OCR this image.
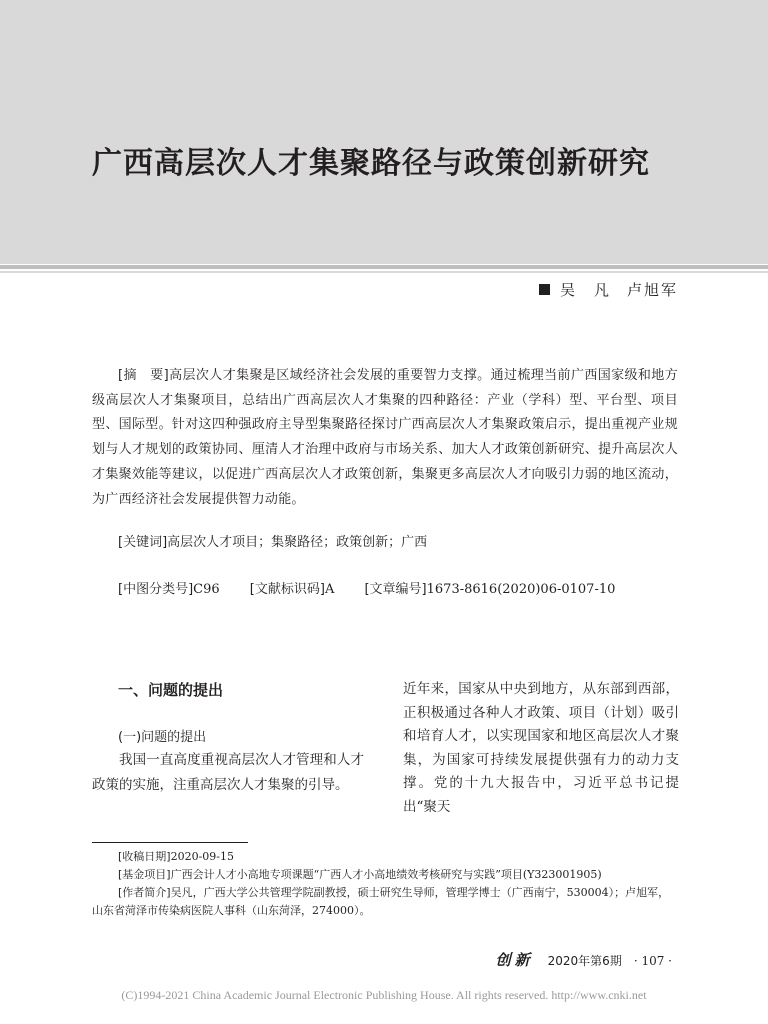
广西高层次人才集聚路径与政策创新研究
吴　凡 卢旭军

[摘　要]高层次人才集聚是区域经济社会发展的重要智力支撑。通过梳理当前广西国家级和地方级高层次人才集聚项目，总结出广西高层次人才集聚的四种路径：产业（学科）型、平台型、项目型、国际型。针对这四种强政府主导型集聚路径探讨广西高层次人才集聚政策启示，提出重视产业规划与人才规划的政策协同、厘清人才治理中政府与市场关系、加大人才政策创新研究、提升高层次人才集聚效能等建议，以促进广西高层次人才政策创新，集聚更多高层次人才向吸引力弱的地区流动，为广西经济社会发展提供智力动能。

[关键词]高层次人才项目；集聚路径；政策创新；广西
[中图分类号]C96 [文献标识码]A [文章编号]1673-8616(2020)06-0107-10
一、问题的提出
(一)问题的提出

我国一直高度重视高层次人才管理和人才政策的实施，注重高层次人才集聚的引导。

近年来，国家从中央到地方，从东部到西部，正积极通过各种人才政策、项目（计划）吸引和培育人才，以实现国家和地区高层次人才聚集，为国家可持续发展提供强有力的动力支撑。党的十九大报告中，习近平总书记提出“聚天

[收稿日期]2020-09-15
[基金项目]广西会计人才小高地专项课题“广西人才小高地绩效考核研究与实践”项目(Y323001905)
[作者简介]吴凡，广西大学公共管理学院副教授，硕士研究生导师，管理学博士（广西南宁，530004）；卢旭军，山东省菏泽市传染病医院人事科（山东菏泽，274000）。
创新 2020年第6期 · 107 ·
(C)1994-2021 China Academic Journal Electronic Publishing House. All rights reserved. http://www.cnki.net
